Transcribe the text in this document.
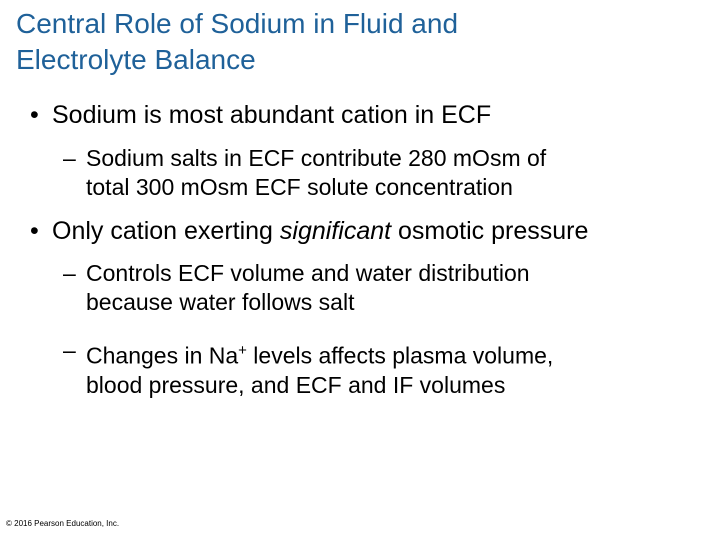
Central Role of Sodium in Fluid and
Electrolyte Balance
• Sodium is most abundant cation in ECF
– Sodium salts in ECF contribute 280 mOsm of
total 300 mOsm ECF solute concentration
• Only cation exerting significant osmotic pressure
– Controls ECF volume and water distribution
because water follows salt
– Changes in Na+ levels affects plasma volume,
blood pressure, and ECF and IF volumes
© 2016 Pearson Education, Inc.
